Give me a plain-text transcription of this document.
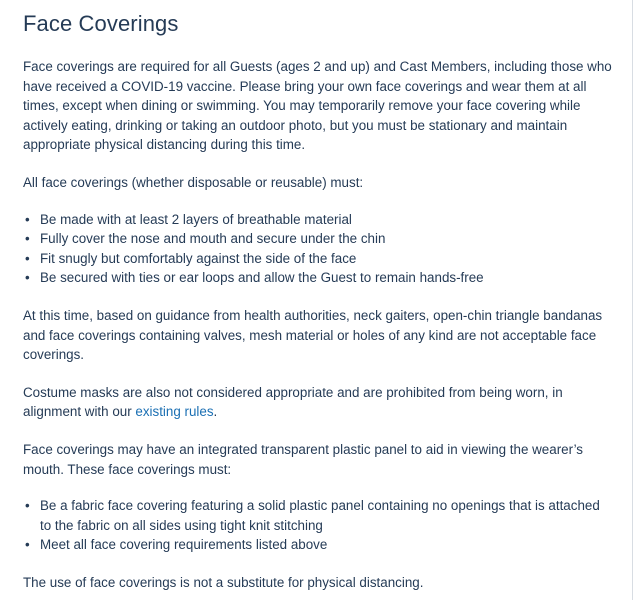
Face Coverings

Face coverings are required for all Guests (ages 2 and up) and Cast Members, including those who have received a COVID-19 vaccine. Please bring your own face coverings and wear them at all times, except when dining or swimming. You may temporarily remove your face covering while actively eating, drinking or taking an outdoor photo, but you must be stationary and maintain appropriate physical distancing during this time.

All face coverings (whether disposable or reusable) must:

• Be made with at least 2 layers of breathable material
• Fully cover the nose and mouth and secure under the chin
• Fit snugly but comfortably against the side of the face
• Be secured with ties or ear loops and allow the Guest to remain hands-free

At this time, based on guidance from health authorities, neck gaiters, open-chin triangle bandanas and face coverings containing valves, mesh material or holes of any kind are not acceptable face coverings.

Costume masks are also not considered appropriate and are prohibited from being worn, in alignment with our existing rules.

Face coverings may have an integrated transparent plastic panel to aid in viewing the wearer’s mouth. These face coverings must:

• Be a fabric face covering featuring a solid plastic panel containing no openings that is attached to the fabric on all sides using tight knit stitching
• Meet all face covering requirements listed above

The use of face coverings is not a substitute for physical distancing.
